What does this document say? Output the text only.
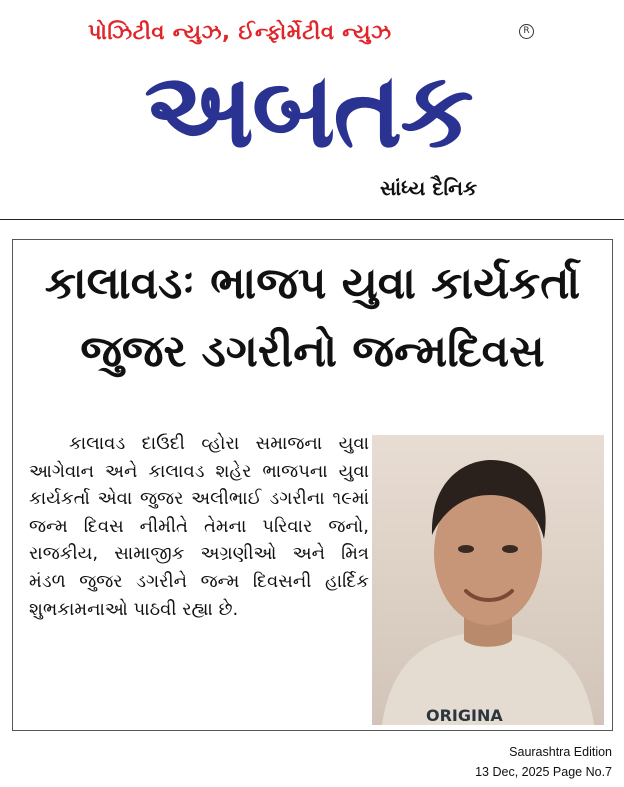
પોઝિટીવ ન્યુઝ, ઈન્ફોર્મેટીવ ન્યુઝ	R
અબતક
સાંધ્ય દૈનિક
કાલાવડઃ ભાજપ યુવા કાર્યકર્તા જુજર ડગરીનો જન્મદિવસ

કાલાવડ દાઉદી વ્હોરા સમાજના યુવા આગેવાન અને કાલાવડ શહેર ભાજપના યુવા કાર્યકર્તા એવા જુજર અલીભાઈ ડગરીના ૧૯માં જન્મ દિવસ નીમીતે તેમના પરિવાર જનો, રાજકીય, સામાજીક અગ્રણીઓ અને મિત્ર મંડળ જુજર ડગરીને જન્મ દિવસની હાર્દિક શુભકામનાઓ પાઠવી રહ્યા છે.

ORIGINA
Saurashtra Edition
13 Dec, 2025 Page No.7
